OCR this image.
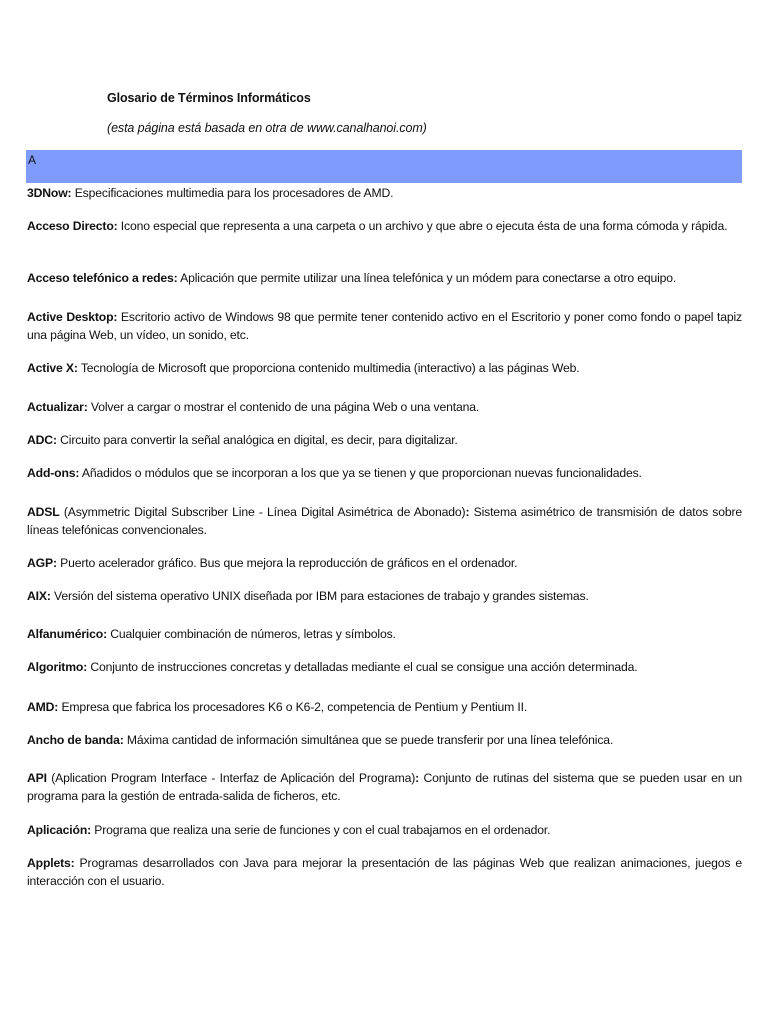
Glosario de Términos Informáticos
(esta página está basada en otra de www.canalhanoi.com)
A
3DNow: Especificaciones multimedia para los procesadores de AMD.
Acceso Directo: Icono especial que representa a una carpeta o un archivo y que abre o ejecuta ésta de una forma cómoda y rápida.
Acceso telefónico a redes: Aplicación que permite utilizar una línea telefónica y un módem para conectarse a otro equipo.
Active Desktop: Escritorio activo de Windows 98 que permite tener contenido activo en el Escritorio y poner como fondo o papel tapiz una página Web, un vídeo, un sonido, etc.
Active X: Tecnología de Microsoft que proporciona contenido multimedia (interactivo) a las páginas Web.
Actualizar: Volver a cargar o mostrar el contenido de una página Web o una ventana.
ADC: Circuito para convertir la señal analógica en digital, es decir, para digitalizar.
Add-ons: Añadidos o módulos que se incorporan a los que ya se tienen y que proporcionan nuevas funcionalidades.
ADSL (Asymmetric Digital Subscriber Line - Línea Digital Asimétrica de Abonado): Sistema asimétrico de transmisión de datos sobre líneas telefónicas convencionales.
AGP: Puerto acelerador gráfico. Bus que mejora la reproducción de gráficos en el ordenador.
AIX: Versión del sistema operativo UNIX diseñada por IBM para estaciones de trabajo y grandes sistemas.
Alfanumérico: Cualquier combinación de números, letras y símbolos.
Algoritmo: Conjunto de instrucciones concretas y detalladas mediante el cual se consigue una acción determinada.
AMD: Empresa que fabrica los procesadores K6 o K6-2, competencia de Pentium y Pentium II.
Ancho de banda: Máxima cantidad de información simultánea que se puede transferir por una línea telefónica.
API (Aplication Program Interface - Interfaz de Aplicación del Programa): Conjunto de rutinas del sistema que se pueden usar en un programa para la gestión de entrada-salida de ficheros, etc.
Aplicación: Programa que realiza una serie de funciones y con el cual trabajamos en el ordenador.
Applets: Programas desarrollados con Java para mejorar la presentación de las páginas Web que realizan animaciones, juegos e interacción con el usuario.
